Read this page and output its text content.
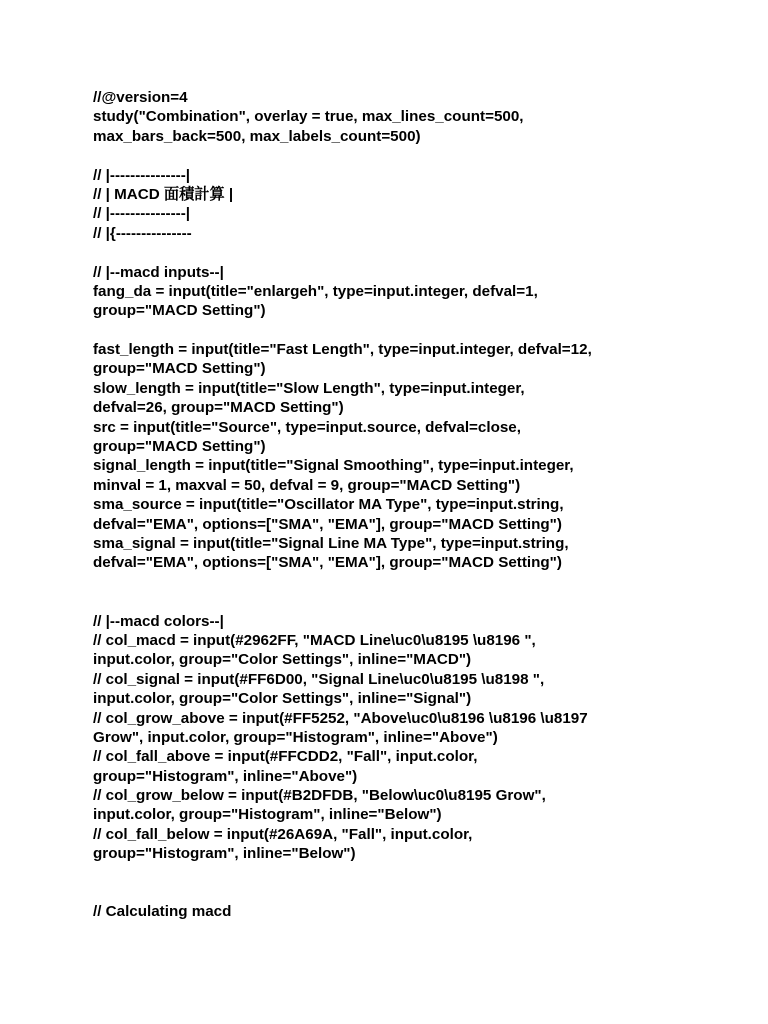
//@version=4
study("Combination", overlay = true, max_lines_count=500,
max_bars_back=500, max_labels_count=500)
// |---------------|
// | MACD 面積計算 |
// |---------------|
// |{---------------
// |--macd inputs--|
fang_da = input(title="enlargeh", type=input.integer, defval=1,
group="MACD Setting")
fast_length = input(title="Fast Length", type=input.integer, defval=12,
group="MACD Setting")
slow_length = input(title="Slow Length", type=input.integer,
defval=26, group="MACD Setting")
src = input(title="Source", type=input.source, defval=close,
group="MACD Setting")
signal_length = input(title="Signal Smoothing", type=input.integer,
minval = 1, maxval = 50, defval = 9, group="MACD Setting")
sma_source = input(title="Oscillator MA Type", type=input.string,
defval="EMA", options=["SMA", "EMA"], group="MACD Setting")
sma_signal = input(title="Signal Line MA Type", type=input.string,
defval="EMA", options=["SMA", "EMA"], group="MACD Setting")
// |--macd colors--|
// col_macd = input(#2962FF, "MACD Line\uc0\u8195 \u8196 ",
input.color, group="Color Settings", inline="MACD")
// col_signal = input(#FF6D00, "Signal Line\uc0\u8195 \u8198 ",
input.color, group="Color Settings", inline="Signal")
// col_grow_above = input(#FF5252, "Above\uc0\u8196 \u8196 \u8197
Grow", input.color, group="Histogram", inline="Above")
// col_fall_above = input(#FFCDD2, "Fall", input.color,
group="Histogram", inline="Above")
// col_grow_below = input(#B2DFDB, "Below\uc0\u8195 Grow",
input.color, group="Histogram", inline="Below")
// col_fall_below = input(#26A69A, "Fall", input.color,
group="Histogram", inline="Below")
// Calculating macd
